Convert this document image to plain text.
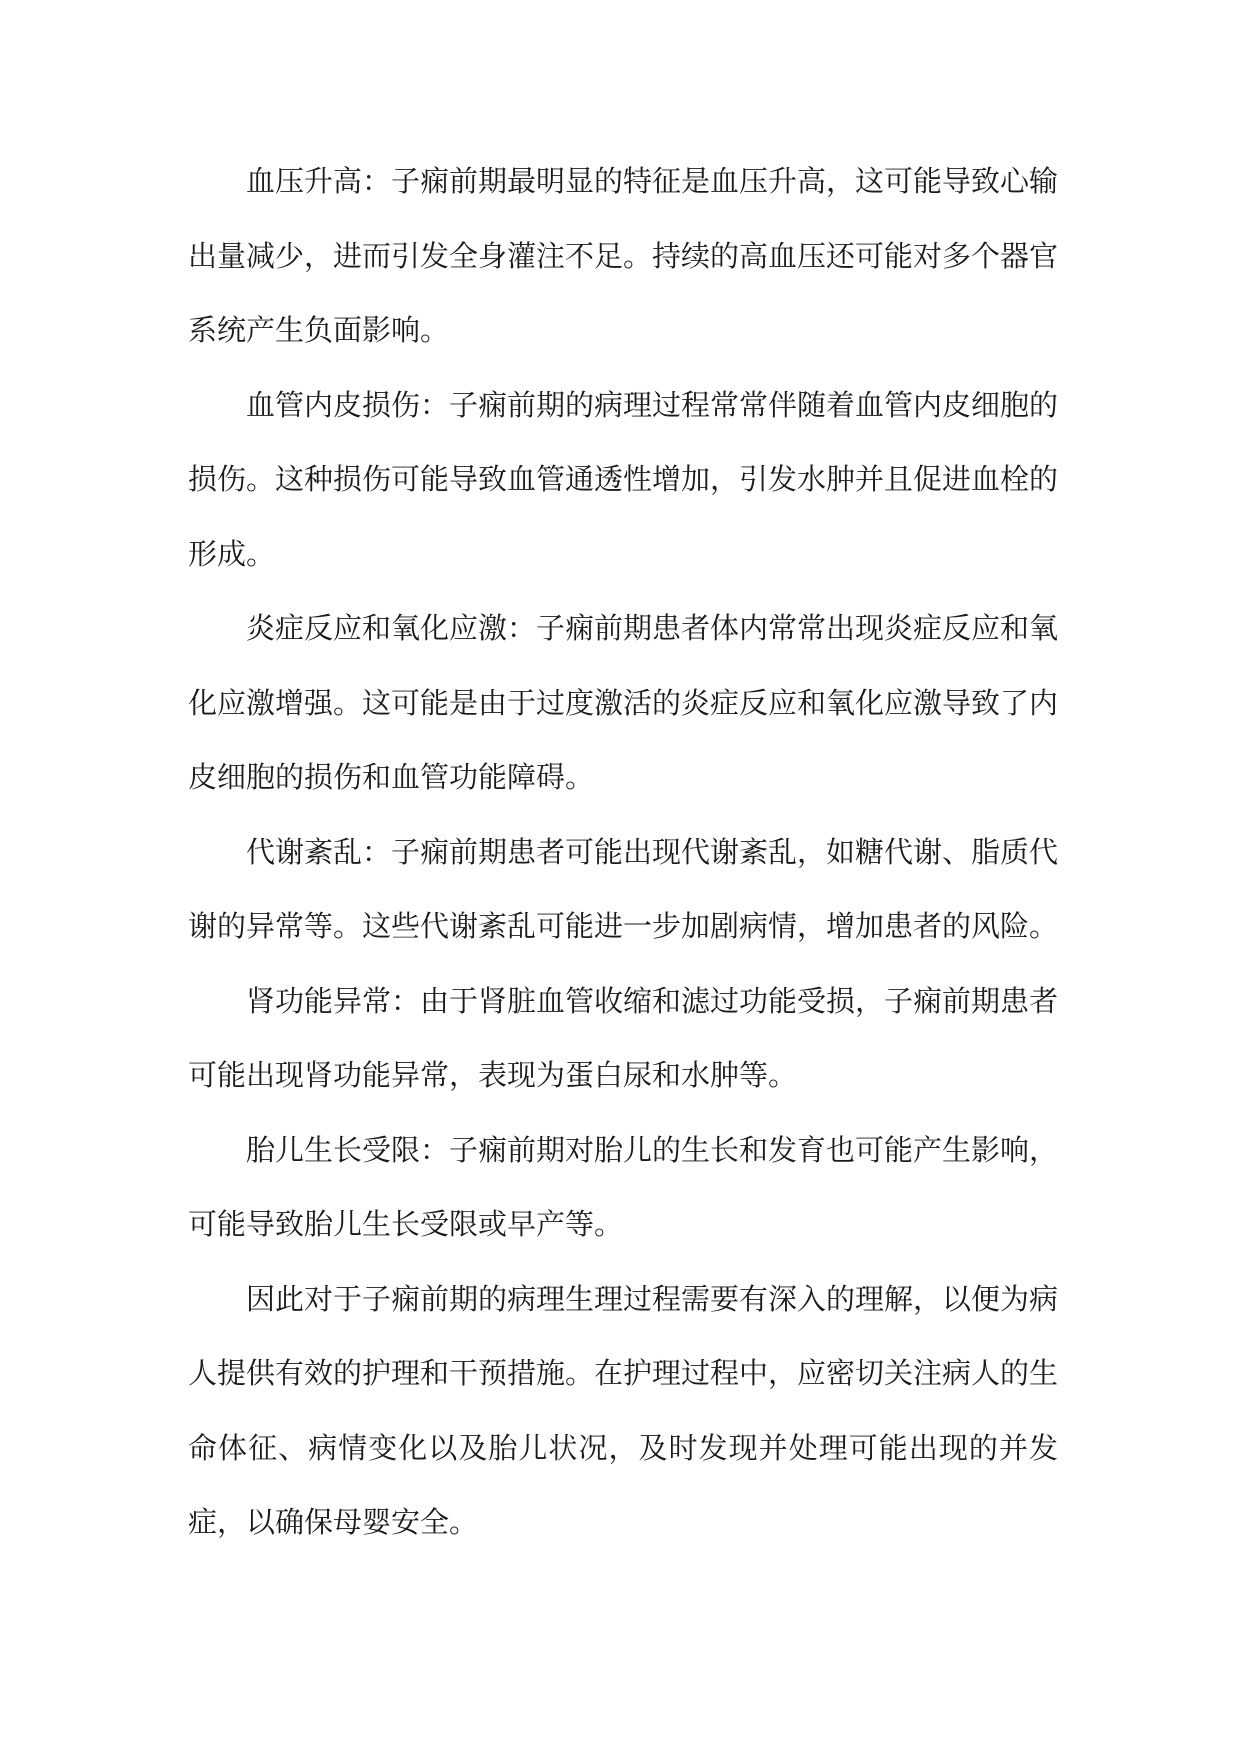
血压升高：子痫前期最明显的特征是血压升高，这可能导致心输出量减少，进而引发全身灌注不足。持续的高血压还可能对多个器官系统产生负面影响。

血管内皮损伤：子痫前期的病理过程常常伴随着血管内皮细胞的损伤。这种损伤可能导致血管通透性增加，引发水肿并且促进血栓的形成。

炎症反应和氧化应激：子痫前期患者体内常常出现炎症反应和氧化应激增强。这可能是由于过度激活的炎症反应和氧化应激导致了内皮细胞的损伤和血管功能障碍。

代谢紊乱：子痫前期患者可能出现代谢紊乱，如糖代谢、脂质代谢的异常等。这些代谢紊乱可能进一步加剧病情，增加患者的风险。

肾功能异常：由于肾脏血管收缩和滤过功能受损，子痫前期患者可能出现肾功能异常，表现为蛋白尿和水肿等。

胎儿生长受限：子痫前期对胎儿的生长和发育也可能产生影响，可能导致胎儿生长受限或早产等。

因此对于子痫前期的病理生理过程需要有深入的理解，以便为病人提供有效的护理和干预措施。在护理过程中，应密切关注病人的生命体征、病情变化以及胎儿状况，及时发现并处理可能出现的并发症，以确保母婴安全。
